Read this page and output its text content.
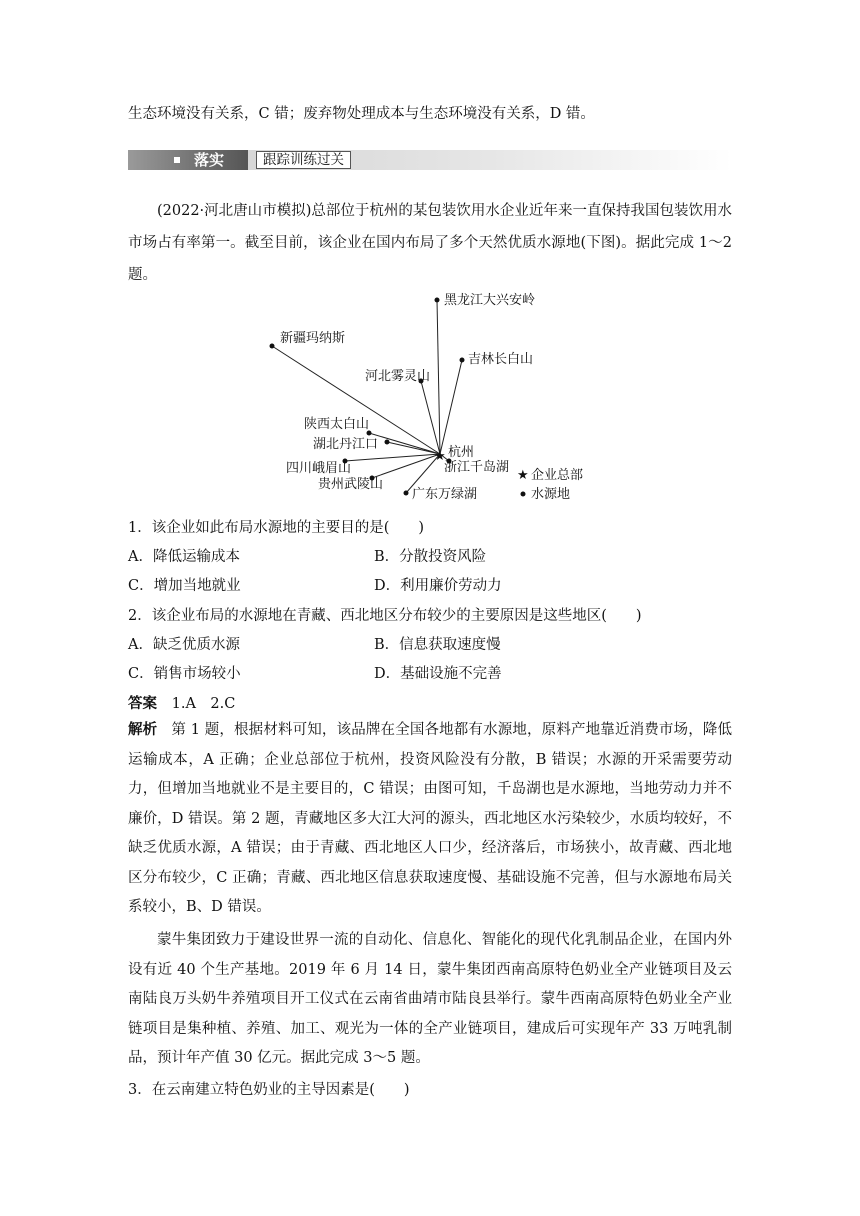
生态环境没有关系，C 错；废弃物处理成本与生态环境没有关系，D 错。
落实	跟踪训练过关
(2022·河北唐山市模拟)总部位于杭州的某包装饮用水企业近年来一直保持我国包装饮用水市场占有率第一。截至目前，该企业在国内布局了多个天然优质水源地(下图)。据此完成 1～2 题。
★
★
黑龙江大兴安岭
新疆玛纳斯
吉林长白山
河北雾灵山
陕西太白山
湖北丹江口
杭州
浙江千岛湖
四川峨眉山
贵州武陵山
广东万绿湖
企业总部
水源地
1．该企业如此布局水源地的主要目的是(　　)
A．降低运输成本	B．分散投资风险
C．增加当地就业	D．利用廉价劳动力
2．该企业布局的水源地在青藏、西北地区分布较少的主要原因是这些地区(　　)
A．缺乏优质水源	B．信息获取速度慢
C．销售市场较小	D．基础设施不完善
答案 1.A　2.C
解析 第 1 题，根据材料可知，该品牌在全国各地都有水源地，原料产地靠近消费市场，降低运输成本，A 正确；企业总部位于杭州，投资风险没有分散，B 错误；水源的开采需要劳动力，但增加当地就业不是主要目的，C 错误；由图可知，千岛湖也是水源地，当地劳动力并不廉价，D 错误。第 2 题，青藏地区多大江大河的源头，西北地区水污染较少，水质均较好，不缺乏优质水源，A 错误；由于青藏、西北地区人口少，经济落后，市场狭小，故青藏、西北地区分布较少，C 正确；青藏、西北地区信息获取速度慢、基础设施不完善，但与水源地布局关系较小，B、D 错误。
蒙牛集团致力于建设世界一流的自动化、信息化、智能化的现代化乳制品企业，在国内外设有近 40 个生产基地。2019 年 6 月 14 日，蒙牛集团西南高原特色奶业全产业链项目及云南陆良万头奶牛养殖项目开工仪式在云南省曲靖市陆良县举行。蒙牛西南高原特色奶业全产业链项目是集种植、养殖、加工、观光为一体的全产业链项目，建成后可实现年产 33 万吨乳制品，预计年产值 30 亿元。据此完成 3～5 题。
3．在云南建立特色奶业的主导因素是(　　)
